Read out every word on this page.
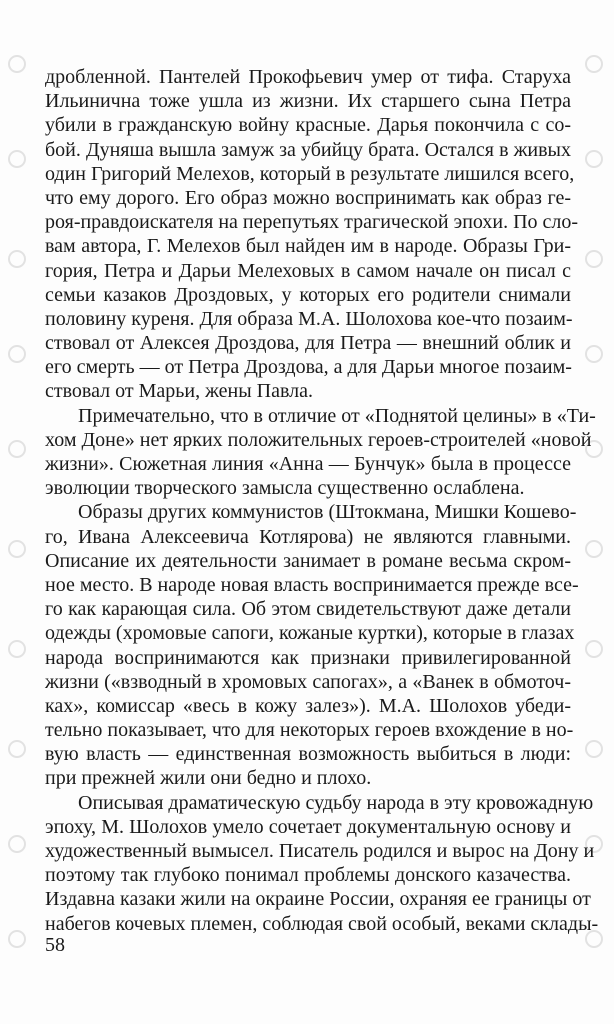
дробленной. Пантелей Прокофьевич умер от тифа. Старуха
Ильинична тоже ушла из жизни. Их старшего сына Петра
убили в гражданскую войну красные. Дарья покончила с со-
бой. Дуняша вышла замуж за убийцу брата. Остался в живых
один Григорий Мелехов, который в результате лишился всего,
что ему дорого. Его образ можно воспринимать как образ ге-
роя-правдоискателя на перепутьях трагической эпохи. По сло-
вам автора, Г. Мелехов был найден им в народе. Образы Гри-
гория, Петра и Дарьи Мелеховых в самом начале он писал с
семьи казаков Дроздовых, у которых его родители снимали
половину куреня. Для образа М.А. Шолохова кое-что позаим-
ствовал от Алексея Дроздова, для Петра — внешний облик и
его смерть — от Петра Дроздова, а для Дарьи многое позаим-
ствовал от Марьи, жены Павла.
Примечательно, что в отличие от «Поднятой целины» в «Ти-
хом Доне» нет ярких положительных героев-строителей «новой
жизни». Сюжетная линия «Анна — Бунчук» была в процессе
эволюции творческого замысла существенно ослаблена.
Образы других коммунистов (Штокмана, Мишки Кошево-
го, Ивана Алексеевича Котлярова) не являются главными.
Описание их деятельности занимает в романе весьма скром-
ное место. В народе новая власть воспринимается прежде все-
го как карающая сила. Об этом свидетельствуют даже детали
одежды (хромовые сапоги, кожаные куртки), которые в глазах
народа воспринимаются как признаки привилегированной
жизни («взводный в хромовых сапогах», а «Ванек в обмоточ-
ках», комиссар «весь в кожу залез»). М.А. Шолохов убеди-
тельно показывает, что для некоторых героев вхождение в но-
вую власть — единственная возможность выбиться в люди:
при прежней жили они бедно и плохо.
Описывая драматическую судьбу народа в эту кровожадную
эпоху, М. Шолохов умело сочетает документальную основу и
художественный вымысел. Писатель родился и вырос на Дону и
поэтому так глубоко понимал проблемы донского казачества.
Издавна казаки жили на окраине России, охраняя ее границы от
набегов кочевых племен, соблюдая свой особый, веками склады-
58
